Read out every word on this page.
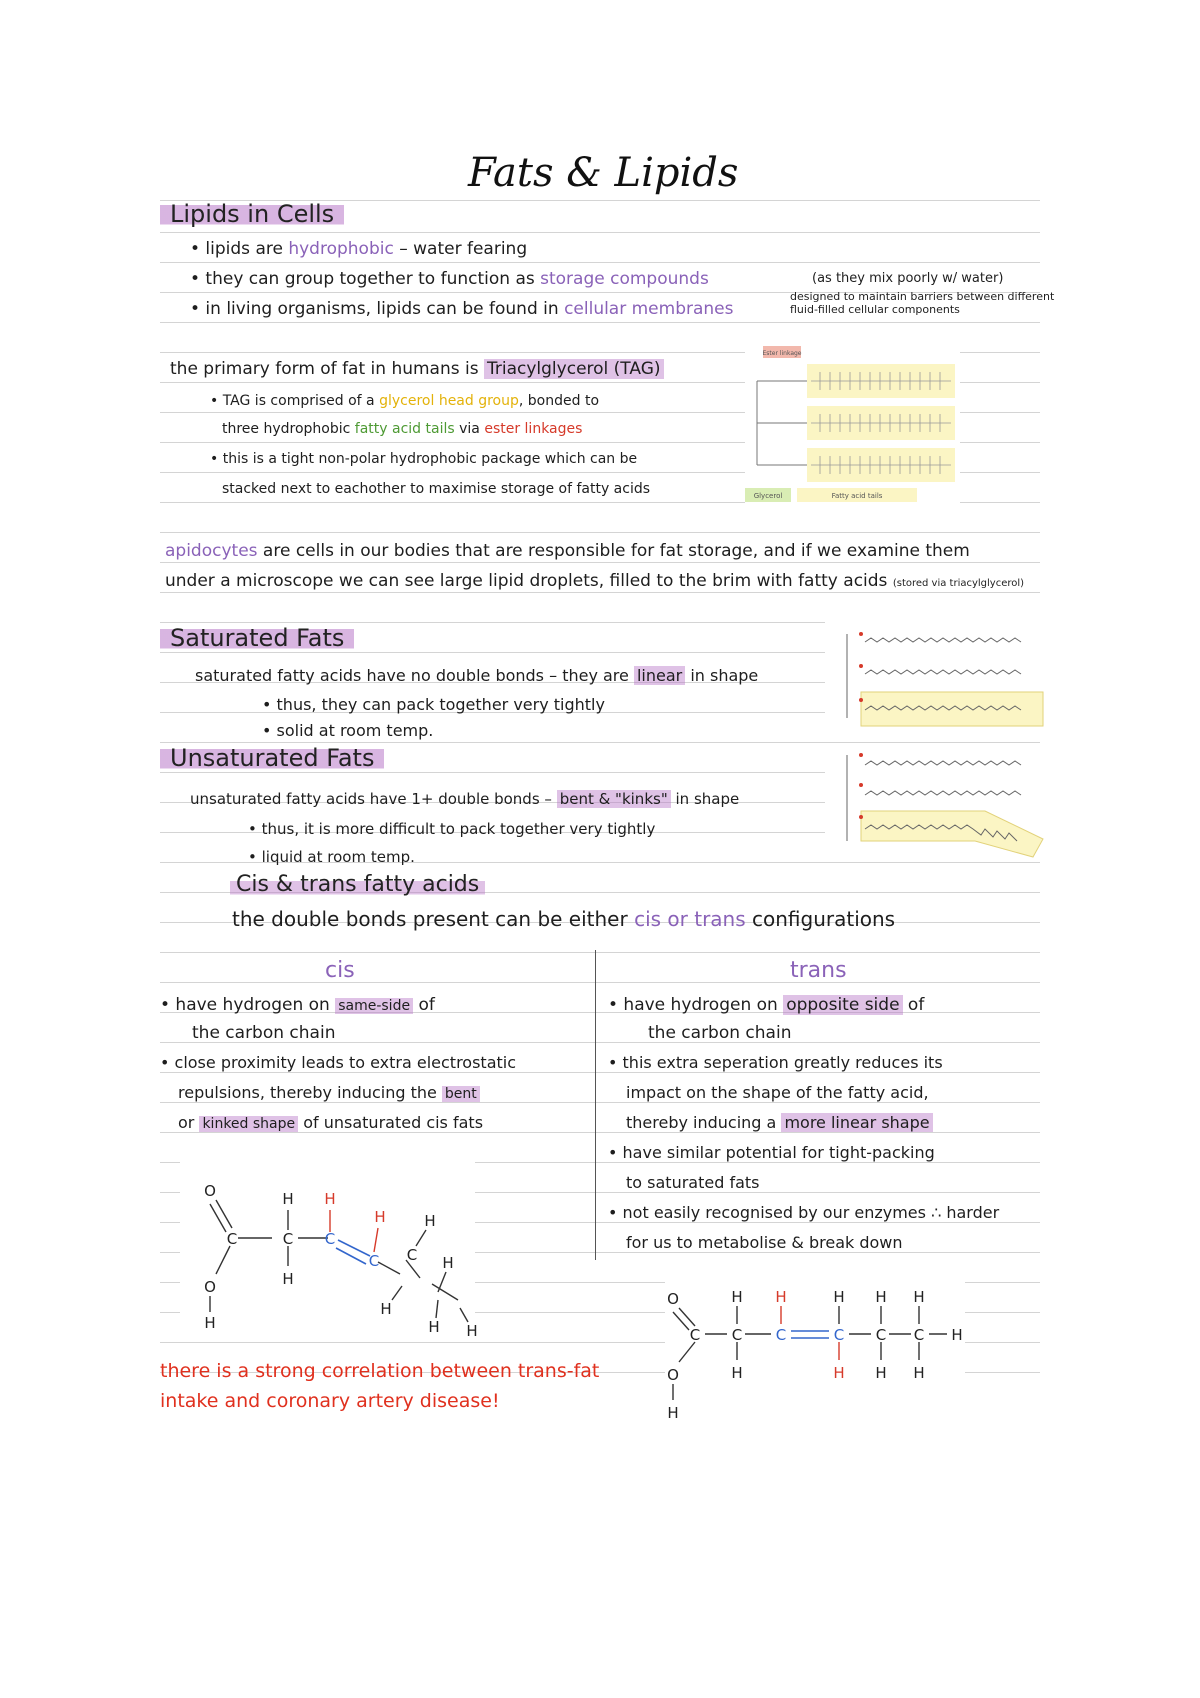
Fats & Lipids
Lipids in Cells
• lipids are hydrophobic – water fearing
• they can group together to function as storage compounds	(as they mix poorly w/ water)
• in living organisms, lipids can be found in cellular membranes
designed to maintain barriers between different
fluid-filled cellular components
the primary form of fat in humans is Triacylglycerol (TAG)
• TAG is comprised of a glycerol head group, bonded to
three hydrophobic fatty acid tails via ester linkages
• this is a tight non-polar hydrophobic package which can be
stacked next to eachother to maximise storage of fatty acids
Ester linkage
Glycerol	Fatty acid tails
apidocytes are cells in our bodies that are responsible for fat storage, and if we examine them
under a microscope we can see large lipid droplets, filled to the brim with fatty acids (stored via triacylglycerol)
Saturated Fats
saturated fatty acids have no double bonds – they are linear in shape
• thus, they can pack together very tightly
• solid at room temp.
Unsaturated Fats
unsaturated fatty acids have 1+ double bonds – bent & "kinks" in shape
• thus, it is more difficult to pack together very tightly
• liquid at room temp.
Cis & trans fatty acids
the double bonds present can be either cis or trans configurations
cis	trans
• have hydrogen on same-side of
the carbon chain
• close proximity leads to extra electrostatic
repulsions, thereby inducing the bent
or kinked shape of unsaturated cis fats
• have hydrogen on opposite side of
the carbon chain
• this extra seperation greatly reduces its
impact on the shape of the fatty acid,
thereby inducing a more linear shape
• have similar potential for tight-packing
to saturated fats
• not easily recognised by our enzymes ∴ harder
for us to metabolise & break down
O
C	C
H
H
O
H
C
H
H
H
H H
C
C
H
H
O
C C
H
H
O
H
C C
H
H
H
H
H
H
C	C
H
H
there is a strong correlation between trans-fat
intake and coronary artery disease!
